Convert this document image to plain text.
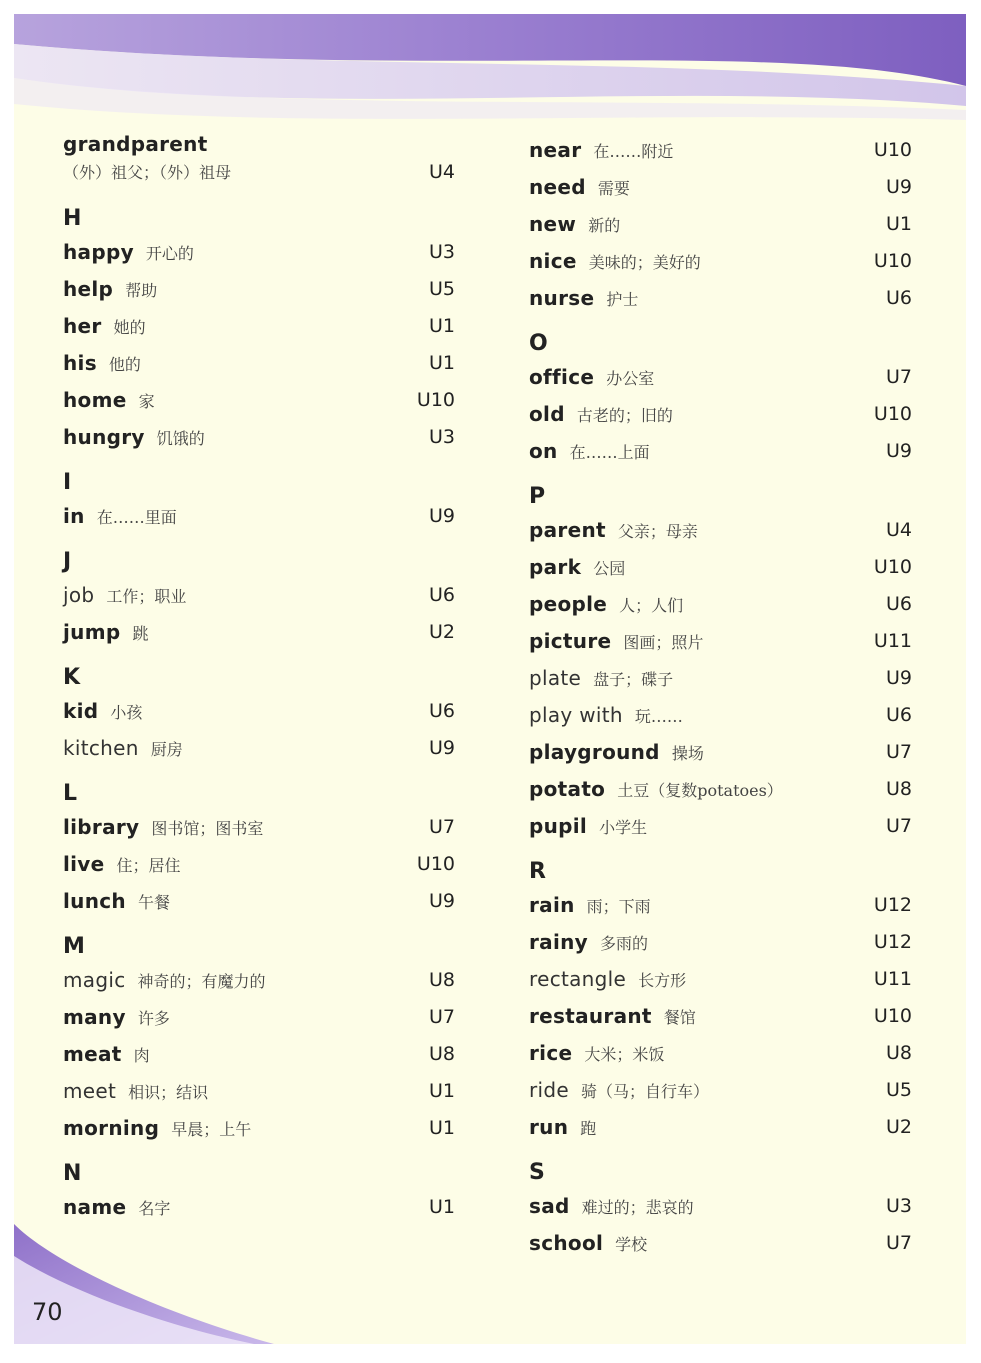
grandparent
（外）祖父；（外）祖母	U4
H
happy 开心的	U3
help 帮助	U5
her 她的	U1
his 他的	U1
home 家	U10
hungry 饥饿的	U3
I
in 在……里面	U9
J
job 工作；职业	U6
jump 跳	U2
K
kid 小孩	U6
kitchen 厨房	U9
L
library 图书馆；图书室	U7
live 住；居住	U10
lunch 午餐	U9
M
magic 神奇的；有魔力的	U8
many 许多	U7
meat 肉	U8
meet 相识；结识	U1
morning 早晨；上午	U1
N
name 名字	U1
near 在……附近	U10
need 需要	U9
new 新的	U1
nice 美味的；美好的	U10
nurse 护士	U6
O
office 办公室	U7
old 古老的；旧的	U10
on 在……上面	U9
P
parent 父亲；母亲	U4
park 公园	U10
people 人；人们	U6
picture 图画；照片	U11
plate 盘子；碟子	U9
play with 玩……	U6
playground 操场	U7
potato 土豆（复数potatoes）	U8
pupil 小学生	U7
R
rain 雨；下雨	U12
rainy 多雨的	U12
rectangle 长方形	U11
restaurant 餐馆	U10
rice 大米；米饭	U8
ride 骑（马；自行车）	U5
run 跑	U2
S
sad 难过的；悲哀的	U3
school 学校	U7
70
